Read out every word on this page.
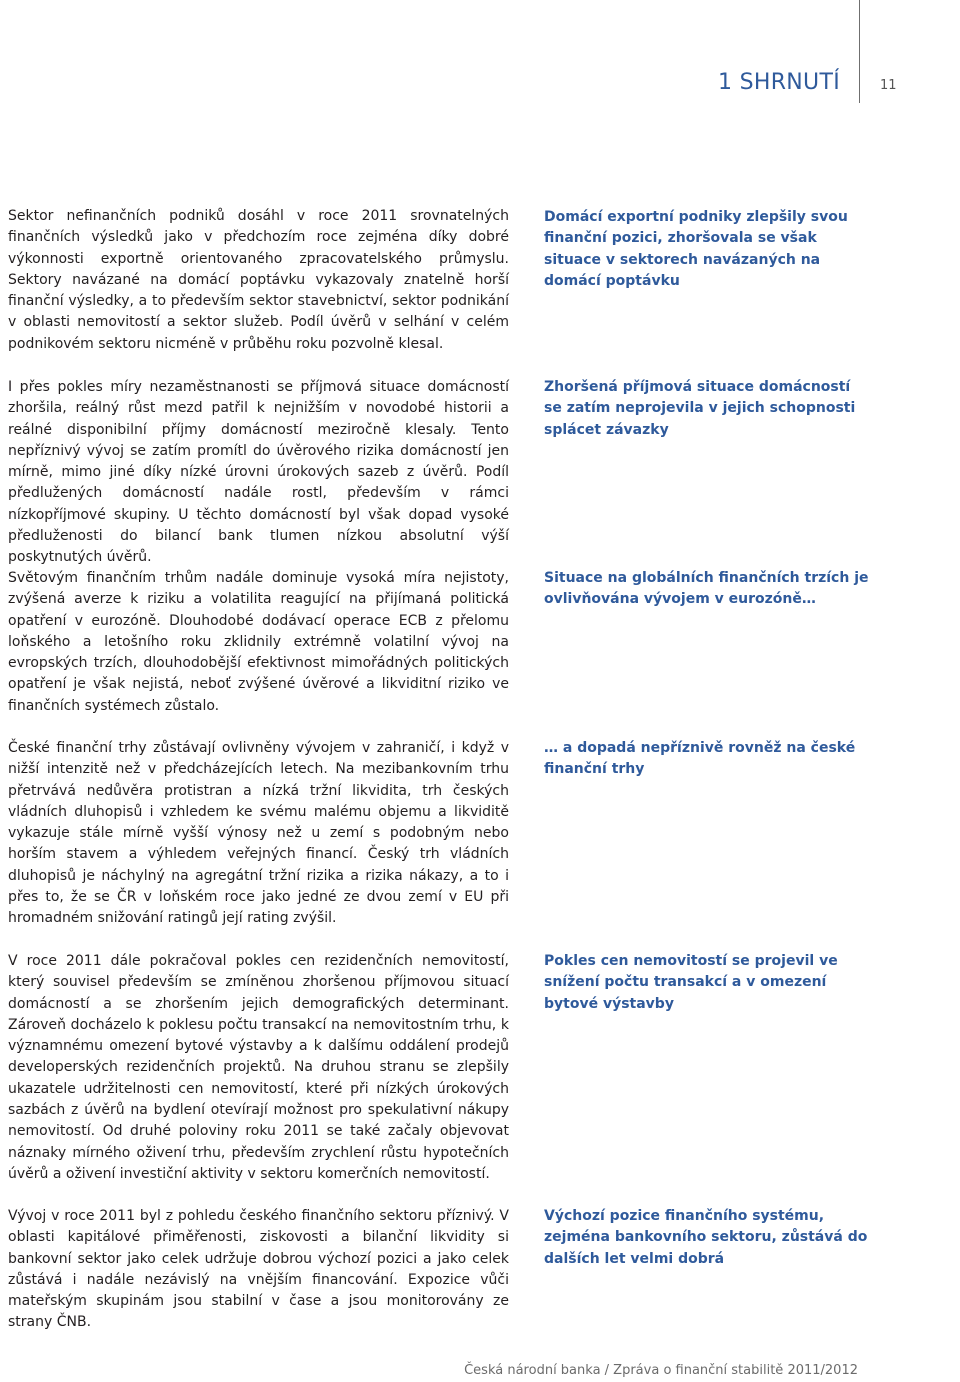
1 SHRNUTÍ	11

Sektor nefinančních podniků dosáhl v roce 2011 srovnatelných finančních výsledků jako v předchozím roce zejména díky dobré výkonnosti exportně orientovaného zpracovatelského průmyslu. Sektory navázané na domácí poptávku vykazovaly znatelně horší finanční výsledky, a to především sektor stavebnictví, sektor podnikání v oblasti nemovitostí a sektor služeb. Podíl úvěrů v selhání v celém podnikovém sektoru nicméně v průběhu roku pozvolně klesal.

Domácí exportní podniky zlepšily svou finanční pozici, zhoršovala se však situace v sektorech navázaných na domácí poptávku

I přes pokles míry nezaměstnanosti se příjmová situace domácností zhoršila, reálný růst mezd patřil k nejnižším v novodobé historii a reálné disponibilní příjmy domácností meziročně klesaly. Tento nepříznivý vývoj se zatím promítl do úvěrového rizika domácností jen mírně, mimo jiné díky nízké úrovni úrokových sazeb z úvěrů. Podíl předlužených domácností nadále rostl, především v rámci nízkopříjmové skupiny. U těchto domácností byl však dopad vysoké předluženosti do bilancí bank tlumen nízkou absolutní výší poskytnutých úvěrů.

Zhoršená příjmová situace domácností se zatím neprojevila v jejich schopnosti splácet závazky

Světovým finančním trhům nadále dominuje vysoká míra nejistoty, zvýšená averze k riziku a volatilita reagující na přijímaná politická opatření v eurozóně. Dlouhodobé dodávací operace ECB z přelomu loňského a letošního roku zklidnily extrémně volatilní vývoj na evropských trzích, dlouhodobější efektivnost mimořádných politických opatření je však nejistá, neboť zvýšené úvěrové a likviditní riziko ve finančních systémech zůstalo.

Situace na globálních finančních trzích je ovlivňována vývojem v eurozóně…

České finanční trhy zůstávají ovlivněny vývojem v zahraničí, i když v nižší intenzitě než v předcházejících letech. Na mezibankovním trhu přetrvává nedůvěra protistran a nízká tržní likvidita, trh českých vládních dluhopisů i vzhledem ke svému malému objemu a likviditě vykazuje stále mírně vyšší výnosy než u zemí s podobným nebo horším stavem a výhledem veřejných financí. Český trh vládních dluhopisů je náchylný na agregátní tržní rizika a rizika nákazy, a to i přes to, že se ČR v loňském roce jako jedné ze dvou zemí v EU při hromadném snižování ratingů její rating zvýšil.

… a dopadá nepříznivě rovněž na české finanční trhy

V roce 2011 dále pokračoval pokles cen rezidenčních nemovitostí, který souvisel především se zmíněnou zhoršenou příjmovou situací domácností a se zhoršením jejich demografických determinant. Zároveň docházelo k poklesu počtu transakcí na nemovitostním trhu, k významnému omezení bytové výstavby a k dalšímu oddálení prodejů developerských rezidenčních projektů. Na druhou stranu se zlepšily ukazatele udržitelnosti cen nemovitostí, které při nízkých úrokových sazbách z úvěrů na bydlení otevírají možnost pro spekulativní nákupy nemovitostí. Od druhé poloviny roku 2011 se také začaly objevovat náznaky mírného oživení trhu, především zrychlení růstu hypotečních úvěrů a oživení investiční aktivity v sektoru komerčních nemovitostí.

Pokles cen nemovitostí se projevil ve snížení počtu transakcí a v omezení bytové výstavby

Vývoj v roce 2011 byl z pohledu českého finančního sektoru příznivý. V oblasti kapitálové přiměřenosti, ziskovosti a bilanční likvidity si bankovní sektor jako celek udržuje dobrou výchozí pozici a jako celek zůstává i nadále nezávislý na vnějším financování. Expozice vůči mateřským skupinám jsou stabilní v čase a jsou monitorovány ze strany ČNB.

Výchozí pozice finančního systému, zejména bankovního sektoru, zůstává do dalších let velmi dobrá

Česká národní banka / Zpráva o finanční stabilitě 2011/2012
